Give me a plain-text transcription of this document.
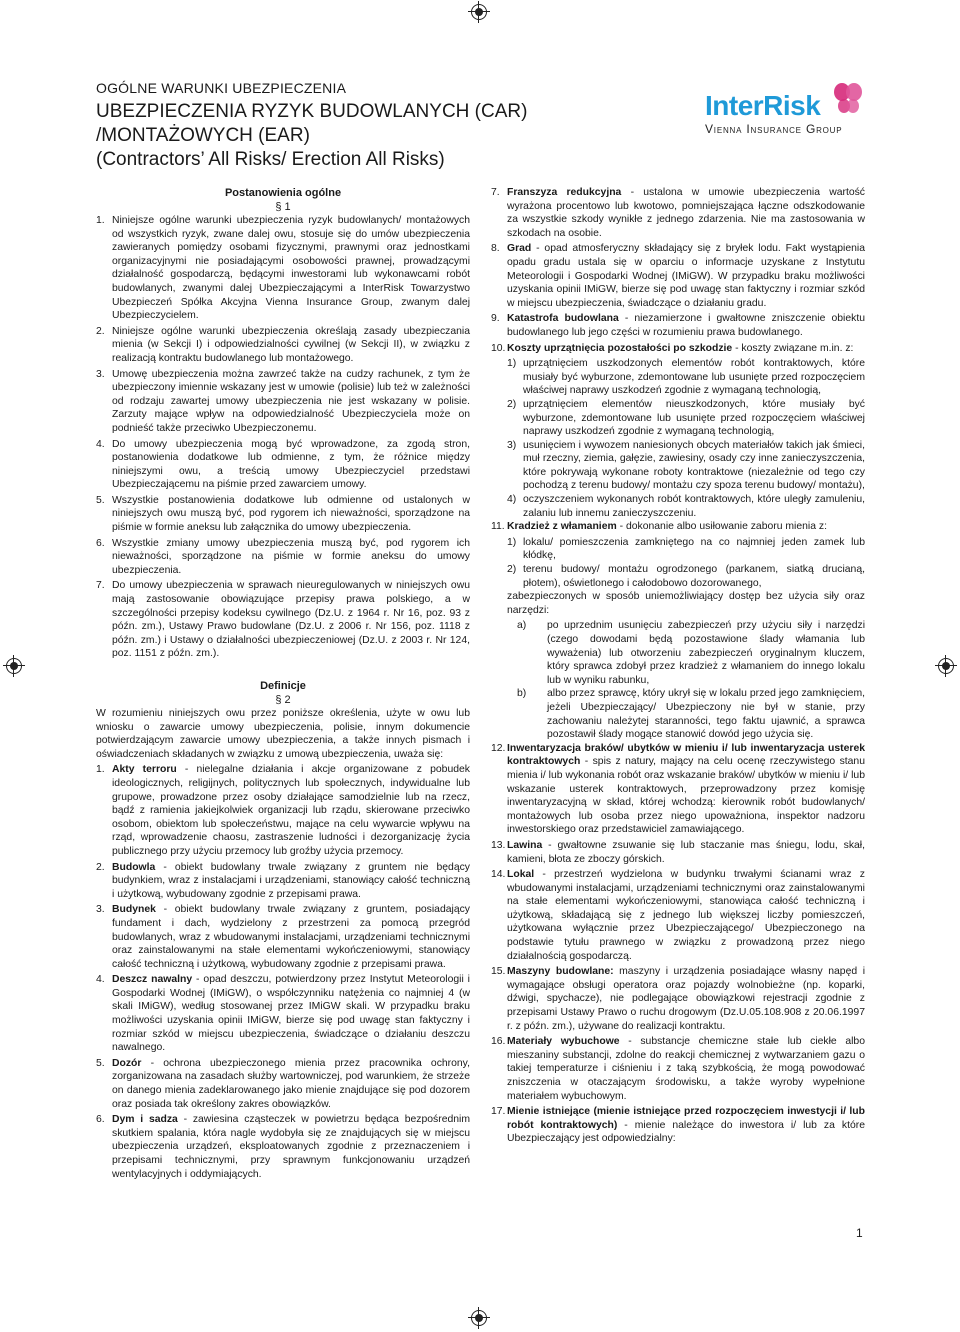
OGÓLNE WARUNKI UBEZPIECZENIA
UBEZPIECZENIA RYZYK BUDOWLANYCH (CAR)
/MONTAŻOWYCH (EAR)
(Contractors’ All Risks/ Erection All Risks)
InterRisk
Vienna Insurance Group
Postanowienia ogólne
§ 1
1. Niniejsze ogólne warunki ubezpieczenia ryzyk budowlanych/ montażowych od wszystkich ryzyk, zwane dalej owu, stosuje się do umów ubezpieczenia zawieranych pomiędzy osobami fizycznymi, prawnymi oraz jednostkami organizacyjnymi nie posiadającymi osobowości prawnej, prowadzącymi działalność gospodarczą, będącymi inwestorami lub wykonawcami robót budowlanych, zwanymi dalej Ubezpieczającymi a InterRisk Towarzystwo Ubezpieczeń Spółka Akcyjna Vienna Insurance Group, zwanym dalej Ubezpieczycielem.
2. Niniejsze ogólne warunki ubezpieczenia określają zasady ubezpieczania mienia (w Sekcji I) i odpowiedzialności cywilnej (w Sekcji II), w związku z realizacją kontraktu budowlanego lub montażowego.
3. Umowę ubezpieczenia można zawrzeć także na cudzy rachunek, z tym że ubezpieczony imiennie wskazany jest w umowie (polisie) lub też w zależności od rodzaju zawartej umowy ubezpieczenia nie jest wskazany w polisie. Zarzuty mające wpływ na odpowiedzialność Ubezpieczyciela może on podnieść także przeciwko Ubezpieczonemu.
4. Do umowy ubezpieczenia mogą być wprowadzone, za zgodą stron, postanowienia dodatkowe lub odmienne, z tym, że różnice między niniejszymi owu, a treścią umowy Ubezpieczyciel przedstawi Ubezpieczającemu na piśmie przed zawarciem umowy.
5. Wszystkie postanowienia dodatkowe lub odmienne od ustalonych w niniejszych owu muszą być, pod rygorem ich nieważności, sporządzone na piśmie w formie aneksu lub załącznika do umowy ubezpieczenia.
6. Wszystkie zmiany umowy ubezpieczenia muszą być, pod rygorem ich nieważności, sporządzone na piśmie w formie aneksu do umowy ubezpieczenia.
7. Do umowy ubezpieczenia w sprawach nieuregulowanych w niniejszych owu mają zastosowanie obowiązujące przepisy prawa polskiego, a w szczególności przepisy kodeksu cywilnego (Dz.U. z 1964 r. Nr 16, poz. 93 z późn. zm.), Ustawy Prawo budowlane (Dz.U. z 2006 r. Nr 156, poz. 1118 z późn. zm.) i Ustawy o działalności ubezpieczeniowej (Dz.U. z 2003 r. Nr 124, poz. 1151 z późn. zm.).
Definicje
§ 2
W rozumieniu niniejszych owu przez poniższe określenia, użyte w owu lub wniosku o zawarcie umowy ubezpieczenia, polisie, innym dokumencie potwierdzającym zawarcie umowy ubezpieczenia, a także innych pismach i oświadczeniach składanych w związku z umową ubezpieczenia, uważa się:
1. Akty terroru - nielegalne działania i akcje organizowane z pobudek ideologicznych, religijnych, politycznych lub społecznych, indywidualne lub grupowe, prowadzone przez osoby działające samodzielnie lub na rzecz, bądź z ramienia jakiejkolwiek organizacji lub rządu, skierowane przeciwko osobom, obiektom lub społeczeństwu, mające na celu wywarcie wpływu na rząd, wprowadzenie chaosu, zastraszenie ludności i dezorganizację życia publicznego przy użyciu przemocy lub groźby użycia przemocy.
2. Budowla - obiekt budowlany trwale związany z gruntem nie będący budynkiem, wraz z instalacjami i urządzeniami, stanowiący całość techniczną i użytkową, wybudowany zgodnie z przepisami prawa.
3. Budynek - obiekt budowlany trwale związany z gruntem, posiadający fundament i dach, wydzielony z przestrzeni za pomocą przegród budowlanych, wraz z wbudowanymi instalacjami, urządzeniami technicznymi oraz zainstalowanymi na stałe elementami wykończeniowymi, stanowiący całość techniczną i użytkową, wybudowany zgodnie z przepisami prawa.
4. Deszcz nawalny - opad deszczu, potwierdzony przez Instytut Meteorologii i Gospodarki Wodnej (IMiGW), o współczynniku natężenia co najmniej 4 (w skali IMiGW), według stosowanej przez IMiGW skali. W przypadku braku możliwości uzyskania opinii IMiGW, bierze się pod uwagę stan faktyczny i rozmiar szkód w miejscu ubezpieczenia, świadczące o działaniu deszczu nawalnego.
5. Dozór - ochrona ubezpieczonego mienia przez pracownika ochrony, zorganizowana na zasadach służby wartowniczej, pod warunkiem, że strzeże on danego mienia zadeklarowanego jako mienie znajdujące się pod dozorem oraz posiada tak określony zakres obowiązków.
6. Dym i sadza - zawiesina cząsteczek w powietrzu będąca bezpośrednim skutkiem spalania, która nagle wydobyła się ze znajdujących się w miejscu ubezpieczenia urządzeń, eksploatowanych zgodnie z przeznaczeniem i przepisami technicznymi, przy sprawnym funkcjonowaniu urządzeń wentylacyjnych i oddymiających.
7. Franszyza redukcyjna - ustalona w umowie ubezpieczenia wartość wyrażona procentowo lub kwotowo, pomniejszająca łączne odszkodowanie za wszystkie szkody wynikłe z jednego zdarzenia. Nie ma zastosowania w szkodach na osobie.
8. Grad - opad atmosferyczny składający się z bryłek lodu. Fakt wystąpienia opadu gradu ustala się w oparciu o informacje uzyskane z Instytutu Meteorologii i Gospodarki Wodnej (IMiGW). W przypadku braku możliwości uzyskania opinii IMiGW, bierze się pod uwagę stan faktyczny i rozmiar szkód w miejscu ubezpieczenia, świadczące o działaniu gradu.
9. Katastrofa budowlana - niezamierzone i gwałtowne zniszczenie obiektu budowlanego lub jego części w rozumieniu prawa budowlanego.
10. Koszty uprzątnięcia pozostałości po szkodzie - koszty związane m.in. z:
1) uprzątnięciem uszkodzonych elementów robót kontraktowych, które musiały być wyburzone, zdemontowane lub usunięte przed rozpoczęciem właściwej naprawy uszkodzeń zgodnie z wymaganą technologią,
2) uprzątnięciem elementów nieuszkodzonych, które musiały być wyburzone, zdemontowane lub usunięte przed rozpoczęciem właściwej naprawy uszkodzeń zgodnie z wymaganą technologią,
3) usunięciem i wywozem naniesionych obcych materiałów takich jak śmieci, muł rzeczny, ziemia, gałęzie, zawiesiny, osady czy inne zanieczyszczenia, które pokrywają wykonane roboty kontraktowe (niezależnie od tego czy pochodzą z terenu budowy/ montażu czy spoza terenu budowy/ montażu),
4) oczyszczeniem wykonanych robót kontraktowych, które uległy zamuleniu, zalaniu lub innemu zanieczyszczeniu.
11. Kradzież z włamaniem - dokonanie albo usiłowanie zaboru mienia z:
1) lokalu/ pomieszczenia zamkniętego na co najmniej jeden zamek lub kłódkę,
2) terenu budowy/ montażu ogrodzonego (parkanem, siatką drucianą, płotem), oświetlonego i całodobowo dozorowanego,
zabezpieczonych w sposób uniemożliwiający dostęp bez użycia siły oraz narzędzi:
a)	po uprzednim usunięciu zabezpieczeń przy użyciu siły i narzędzi (czego dowodami będą pozostawione ślady włamania lub wyważenia) lub otworzeniu zabezpieczeń oryginalnym kluczem, który sprawca zdobył przez kradzież z włamaniem do innego lokalu lub w wyniku rabunku,
b)	albo przez sprawcę, który ukrył się w lokalu przed jego zamknięciem, jeżeli Ubezpieczający/ Ubezpieczony nie był w stanie, przy zachowaniu należytej staranności, tego faktu ujawnić, a sprawca pozostawił ślady mogące stanowić dowód jego użycia się.
12. Inwentaryzacja braków/ ubytków w mieniu i/ lub inwentaryzacja usterek kontraktowych - spis z natury, mający na celu ocenę rzeczywistego stanu mienia i/ lub wykonania robót oraz wskazanie braków/ ubytków w mieniu i/ lub wskazanie usterek kontraktowych, przeprowadzony przez komisję inwentaryzacyjną w skład, której wchodzą: kierownik robót budowlanych/ montażowych lub osoba przez niego upoważniona, inspektor nadzoru inwestorskiego oraz przedstawiciel zamawiającego.
13. Lawina - gwałtowne zsuwanie się lub staczanie mas śniegu, lodu, skał, kamieni, błota ze zboczy górskich.
14. Lokal - przestrzeń wydzielona w budynku trwałymi ścianami wraz z wbudowanymi instalacjami, urządzeniami technicznymi oraz zainstalowanymi na stałe elementami wykończeniowymi, stanowiąca całość techniczną i użytkową, składającą się z jednego lub większej liczby pomieszczeń, użytkowana wyłącznie przez Ubezpieczającego/ Ubezpieczonego na podstawie tytułu prawnego w związku z prowadzoną przez niego działalnością gospodarczą.
15. Maszyny budowlane: maszyny i urządzenia posiadające własny napęd i wymagające obsługi operatora oraz pojazdy wolnobieżne (np. koparki, dźwigi, spychacze), nie podlegające obowiązkowi rejestracji zgodnie z przepisami Ustawy Prawo o ruchu drogowym (Dz.U.05.108.908 z 20.06.1997 r. z późn. zm.), używane do realizacji kontraktu.
16. Materiały wybuchowe - substancje chemiczne stałe lub ciekłe albo mieszaniny substancji, zdolne do reakcji chemicznej z wytwarzaniem gazu o takiej temperaturze i ciśnieniu i z taką szybkością, że mogą powodować zniszczenia w otaczającym środowisku, a także wyroby wypełnione materiałem wybuchowym.
17. Mienie istniejące (mienie istniejące przed rozpoczęciem inwestycji i/ lub robót kontraktowych) - mienie należące do inwestora i/ lub za które Ubezpieczający jest odpowiedzialny:
1
